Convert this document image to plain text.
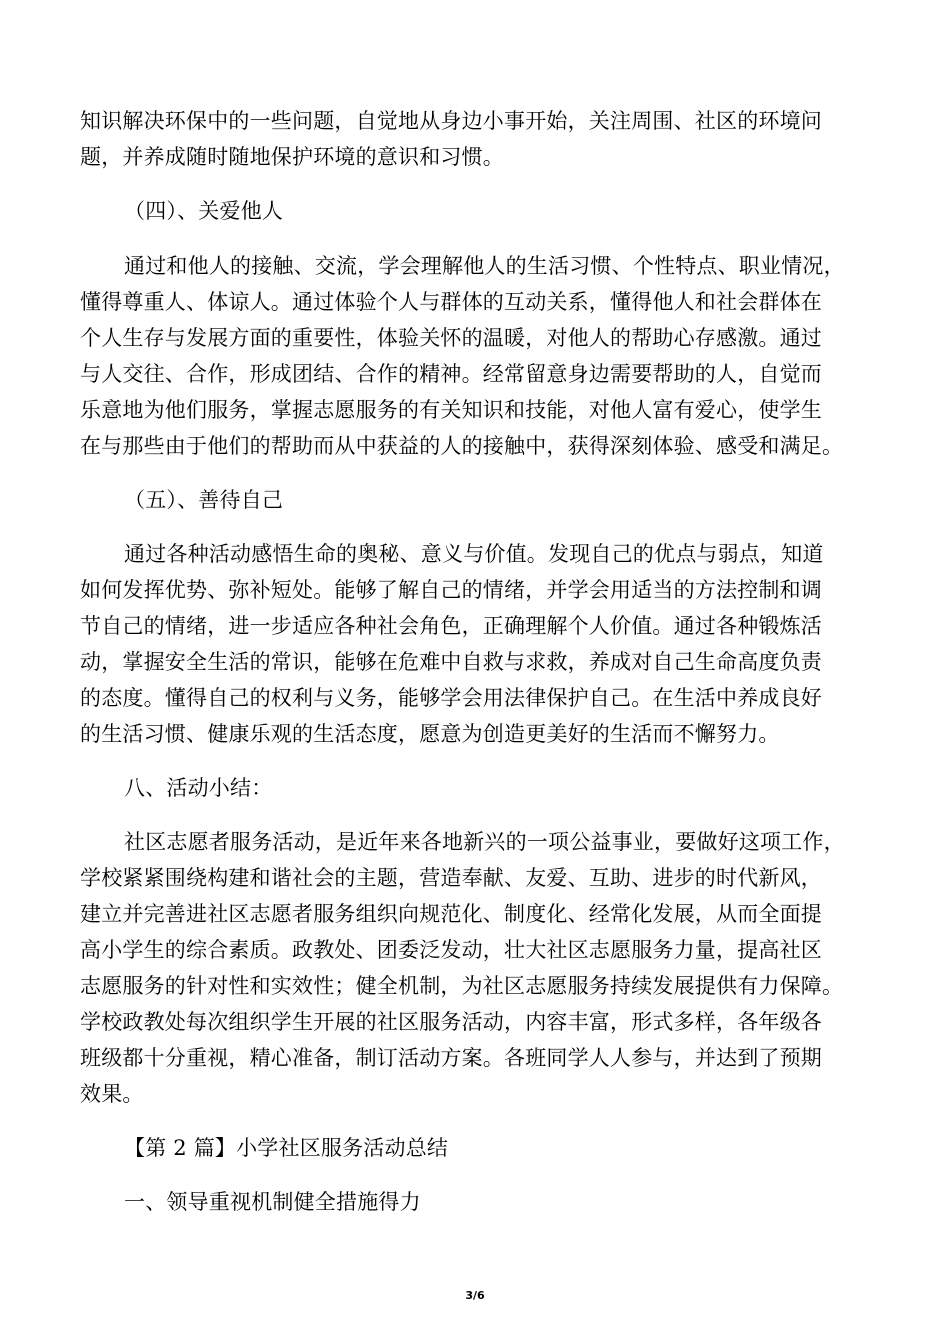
知识解决环保中的一些问题，自觉地从身边小事开始，关注周围、社区的环境问
题，并养成随时随地保护环境的意识和习惯。
（四）、关爱他人
通过和他人的接触、交流，学会理解他人的生活习惯、个性特点、职业情况，
懂得尊重人、体谅人。通过体验个人与群体的互动关系，懂得他人和社会群体在
个人生存与发展方面的重要性，体验关怀的温暖，对他人的帮助心存感激。通过
与人交往、合作，形成团结、合作的精神。经常留意身边需要帮助的人，自觉而
乐意地为他们服务，掌握志愿服务的有关知识和技能，对他人富有爱心，使学生
在与那些由于他们的帮助而从中获益的人的接触中，获得深刻体验、感受和满足。
（五）、善待自己
通过各种活动感悟生命的奥秘、意义与价值。发现自己的优点与弱点，知道
如何发挥优势、弥补短处。能够了解自己的情绪，并学会用适当的方法控制和调
节自己的情绪，进一步适应各种社会角色，正确理解个人价值。通过各种锻炼活
动，掌握安全生活的常识，能够在危难中自救与求救，养成对自己生命高度负责
的态度。懂得自己的权利与义务，能够学会用法律保护自己。在生活中养成良好
的生活习惯、健康乐观的生活态度，愿意为创造更美好的生活而不懈努力。
八、活动小结：
社区志愿者服务活动，是近年来各地新兴的一项公益事业，要做好这项工作，
学校紧紧围绕构建和谐社会的主题，营造奉献、友爱、互助、进步的时代新风，
建立并完善进社区志愿者服务组织向规范化、制度化、经常化发展，从而全面提
高小学生的综合素质。政教处、团委泛发动，壮大社区志愿服务力量，提高社区
志愿服务的针对性和实效性；健全机制，为社区志愿服务持续发展提供有力保障。
学校政教处每次组织学生开展的社区服务活动，内容丰富，形式多样，各年级各
班级都十分重视，精心准备，制订活动方案。各班同学人人参与，并达到了预期
效果。
【第 2 篇】小学社区服务活动总结
一、领导重视机制健全措施得力
3/6
